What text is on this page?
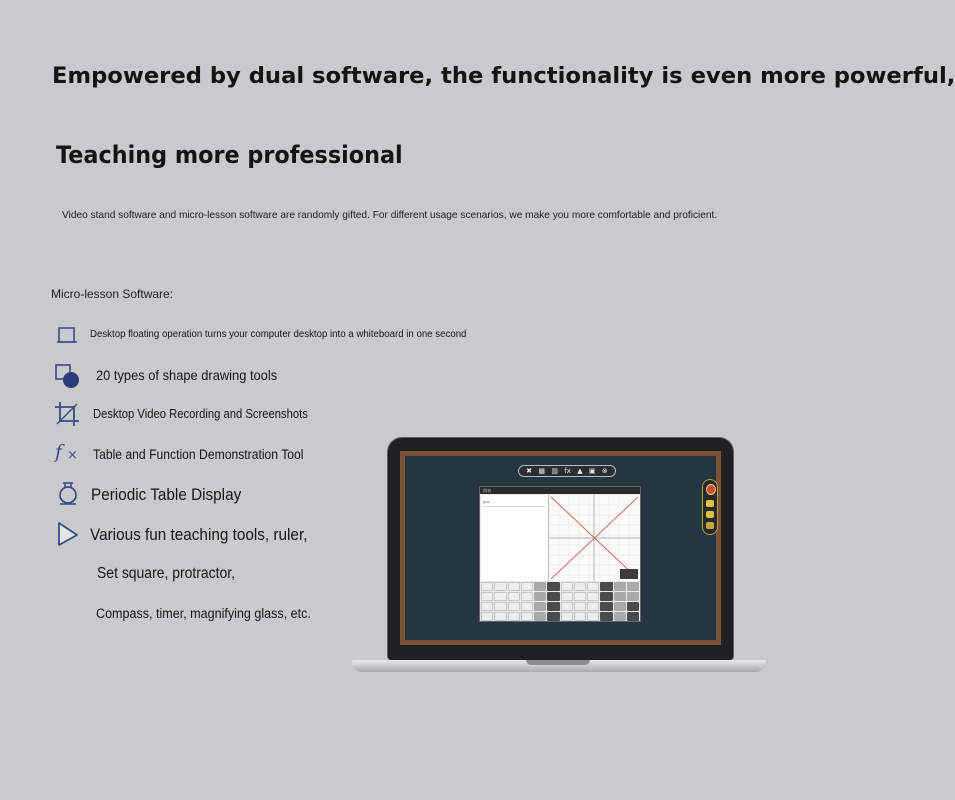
Empowered by dual software, the functionality is even more powerful,
Teaching more professional

Video stand software and micro-lesson software are randomly gifted. For different usage scenarios, we make you more comfortable and proficient.

Micro-lesson Software:

Desktop floating operation turns your computer desktop into a whiteboard in one second

20 types of shape drawing tools

Desktop Video Recording and Screenshots

f × Table and Function Demonstration Tool

Periodic Table Display

Various fun teaching tools, ruler,

Set square, protractor,

Compass, timer, magnifying glass, etc.

✖ ▦ ▥ fx ▲ ▣ ⊗
图表
y=x
